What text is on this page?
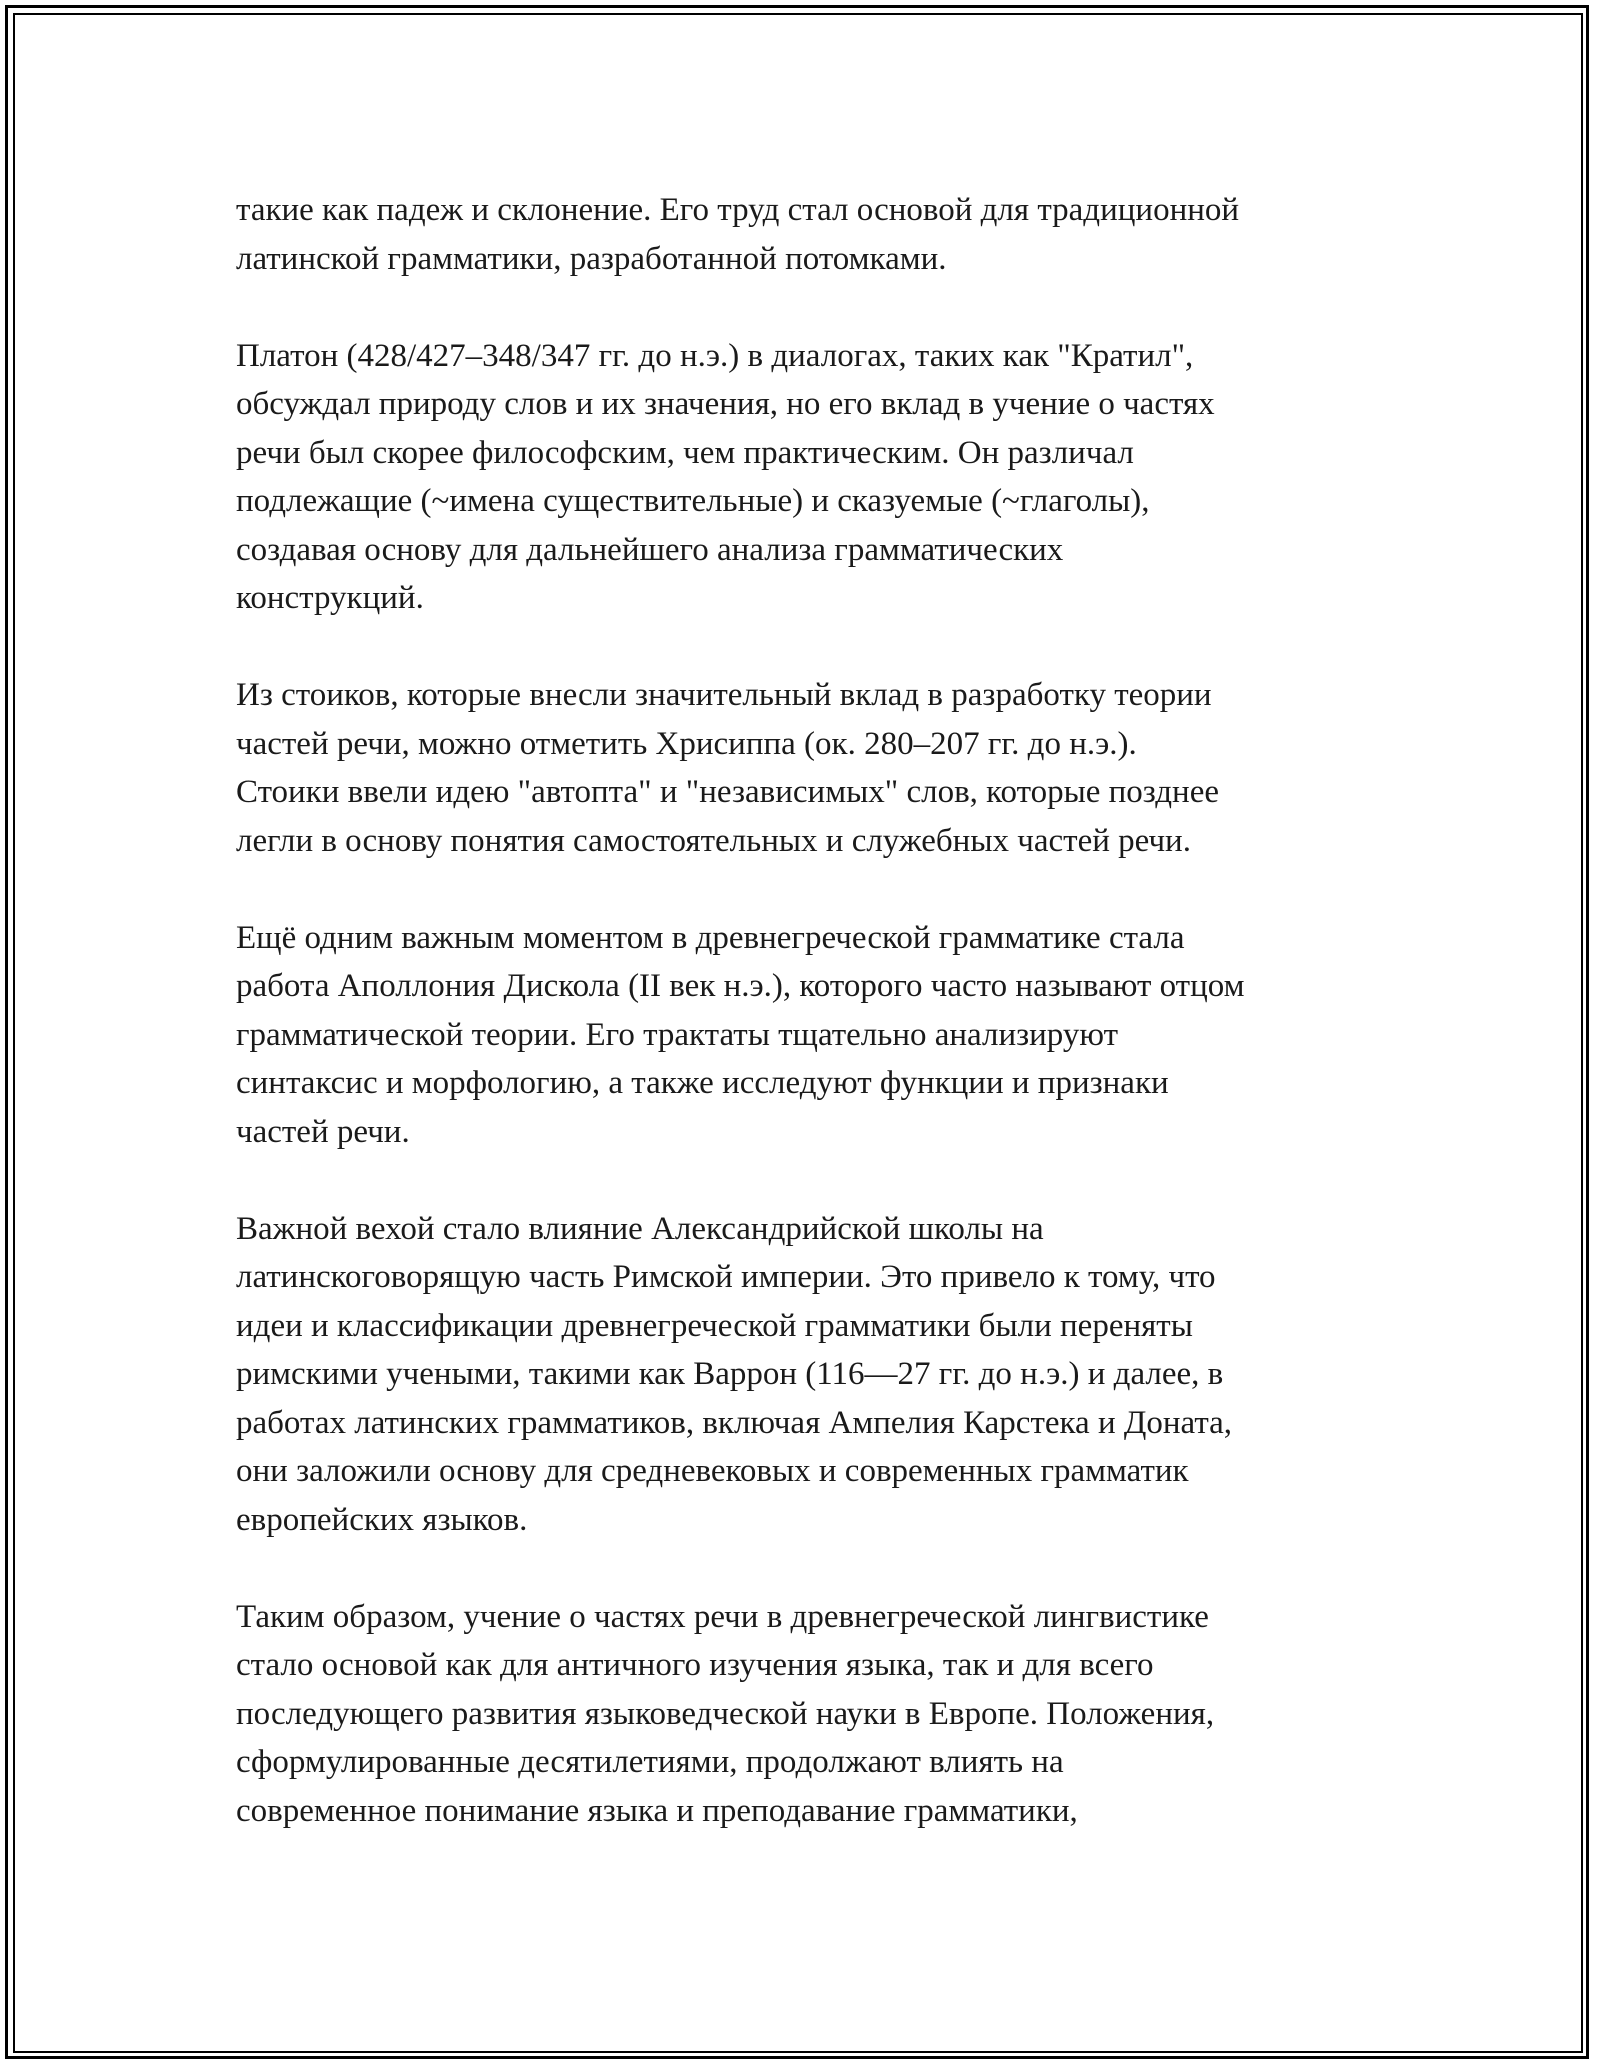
такие как падеж и склонение. Его труд стал основой для традиционной
латинской грамматики, разработанной потомками.

Платон (428/427–348/347 гг. до н.э.) в диалогах, таких как "Кратил",
обсуждал природу слов и их значения, но его вклад в учение о частях
речи был скорее философским, чем практическим. Он различал
подлежащие (~имена существительные) и сказуемые (~глаголы),
создавая основу для дальнейшего анализа грамматических
конструкций.

Из стоиков, которые внесли значительный вклад в разработку теории
частей речи, можно отметить Хрисиппа (ок. 280–207 гг. до н.э.).
Стоики ввели идею "автопта" и "независимых" слов, которые позднее
легли в основу понятия самостоятельных и служебных частей речи.

Ещё одним важным моментом в древнегреческой грамматике стала
работа Аполлония Дискола (II век н.э.), которого часто называют отцом
грамматической теории. Его трактаты тщательно анализируют
синтаксис и морфологию, а также исследуют функции и признаки
частей речи.

Важной вехой стало влияние Александрийской школы на
латинскоговорящую часть Римской империи. Это привело к тому, что
идеи и классификации древнегреческой грамматики были переняты
римскими учеными, такими как Варрон (116—27 гг. до н.э.) и далее, в
работах латинских грамматиков, включая Ампелия Карстека и Доната,
они заложили основу для средневековых и современных грамматик
европейских языков.

Таким образом, учение о частях речи в древнегреческой лингвистике
стало основой как для античного изучения языка, так и для всего
последующего развития языковедческой науки в Европе. Положения,
сформулированные десятилетиями, продолжают влиять на
современное понимание языка и преподавание грамматики,
